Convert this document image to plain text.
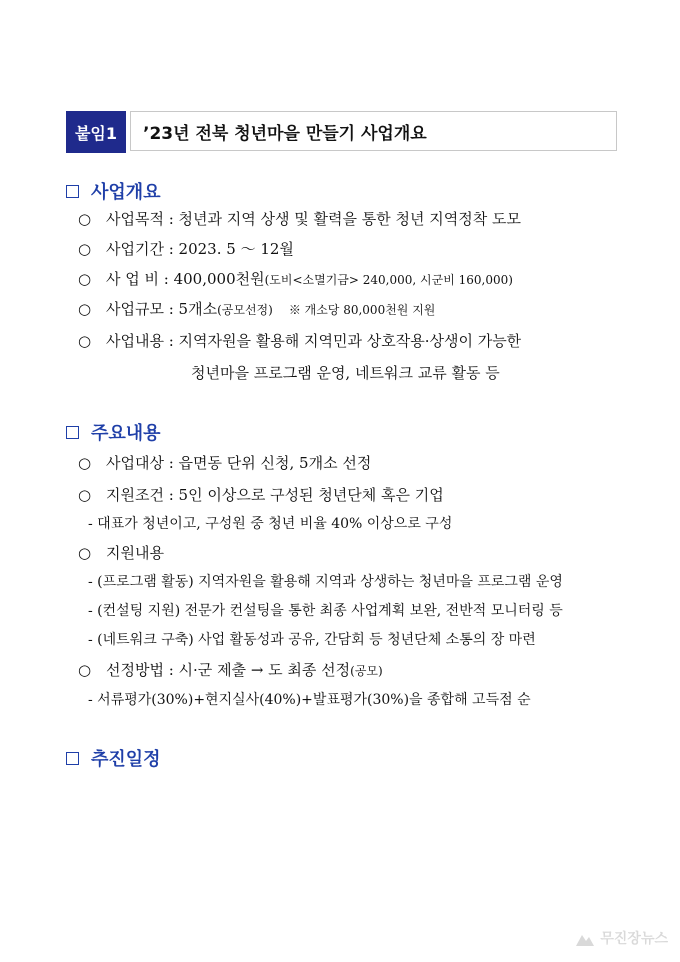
붙임1	’23년 전북 청년마을 만들기 사업개요
사업개요
○ 사업목적 : 청년과 지역 상생 및 활력을 통한 청년 지역정착 도모
○ 사업기간 : 2023. 5 ～ 12월
○ 사 업 비 : 400,000천원(도비<소멸기금> 240,000, 시군비 160,000)
○ 사업규모 : 5개소(공모선정) ※ 개소당 80,000천원 지원
○ 사업내용 : 지역자원을 활용해 지역민과 상호작용·상생이 가능한
청년마을 프로그램 운영, 네트워크 교류 활동 등
주요내용
○ 사업대상 : 읍면동 단위 신청, 5개소 선정
○ 지원조건 : 5인 이상으로 구성된 청년단체 혹은 기업
- 대표가 청년이고, 구성원 중 청년 비율 40% 이상으로 구성
○ 지원내용
- (프로그램 활동) 지역자원을 활용해 지역과 상생하는 청년마을 프로그램 운영
- (컨설팅 지원) 전문가 컨설팅을 통한 최종 사업계획 보완, 전반적 모니터링 등
- (네트워크 구축) 사업 활동성과 공유, 간담회 등 청년단체 소통의 장 마련
○ 선정방법 : 시·군 제출 → 도 최종 선정(공모)
- 서류평가(30%)+현지실사(40%)+발표평가(30%)을 종합해 고득점 순
추진일정
무진장뉴스
